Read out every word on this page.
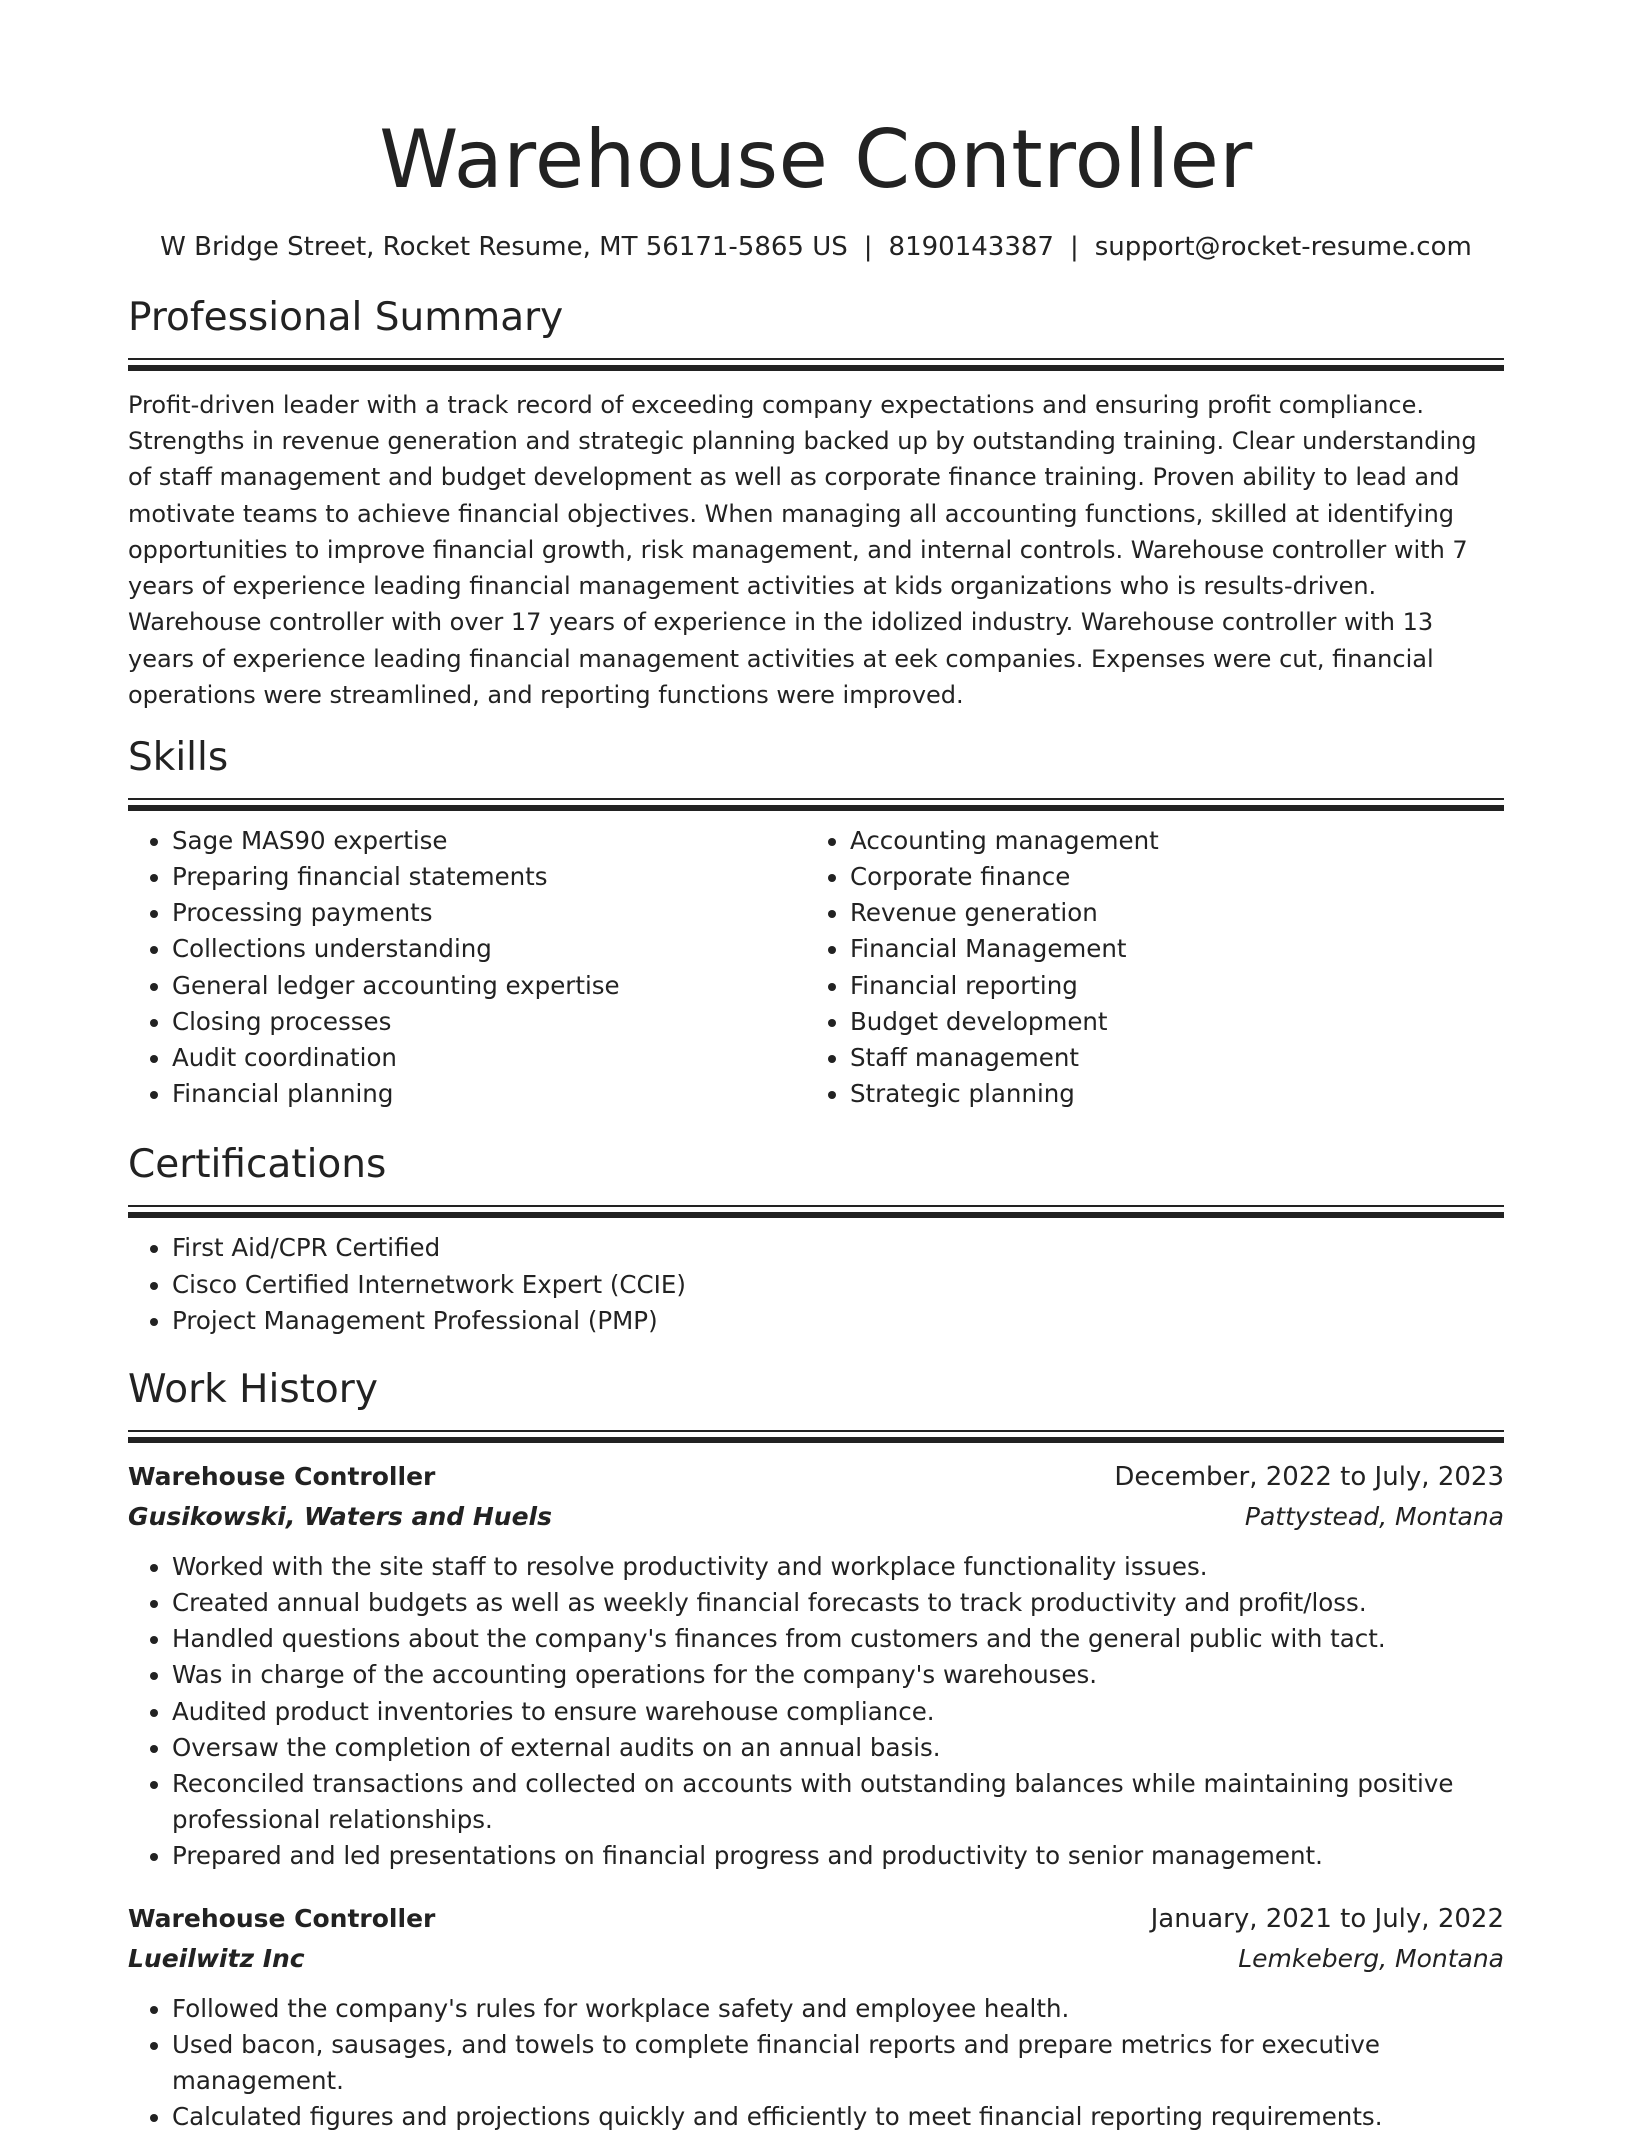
Warehouse Controller
W Bridge Street, Rocket Resume, MT 56171-5865 US | 8190143387 | support@rocket-resume.com
Professional Summary

Profit-driven leader with a track record of exceeding company expectations and ensuring profit compliance. Strengths in revenue generation and strategic planning backed up by outstanding training. Clear understanding of staff management and budget development as well as corporate finance training. Proven ability to lead and motivate teams to achieve financial objectives. When managing all accounting functions, skilled at identifying opportunities to improve financial growth, risk management, and internal controls. Warehouse controller with 7 years of experience leading financial management activities at kids organizations who is results-driven. Warehouse controller with over 17 years of experience in the idolized industry. Warehouse controller with 13 years of experience leading financial management activities at eek companies. Expenses were cut, financial operations were streamlined, and reporting functions were improved.

Skills
• Sage MAS90 expertise
• Preparing financial statements
• Processing payments
• Collections understanding
• General ledger accounting expertise
• Closing processes
• Audit coordination
• Financial planning
• Accounting management
• Corporate finance
• Revenue generation
• Financial Management
• Financial reporting
• Budget development
• Staff management
• Strategic planning
Certifications
• First Aid/CPR Certified
• Cisco Certified Internetwork Expert (CCIE)
• Project Management Professional (PMP)
Work History
Warehouse Controller	December, 2022 to July, 2023
Gusikowski, Waters and Huels	Pattystead, Montana
• Worked with the site staff to resolve productivity and workplace functionality issues.
• Created annual budgets as well as weekly financial forecasts to track productivity and profit/loss.
• Handled questions about the company's finances from customers and the general public with tact.
• Was in charge of the accounting operations for the company's warehouses.
• Audited product inventories to ensure warehouse compliance.
• Oversaw the completion of external audits on an annual basis.
• Reconciled transactions and collected on accounts with outstanding balances while maintaining positive professional relationships.
• Prepared and led presentations on financial progress and productivity to senior management.
Warehouse Controller	January, 2021 to July, 2022
Lueilwitz Inc	Lemkeberg, Montana
• Followed the company's rules for workplace safety and employee health.
• Used bacon, sausages, and towels to complete financial reports and prepare metrics for executive management.
• Calculated figures and projections quickly and efficiently to meet financial reporting requirements.
